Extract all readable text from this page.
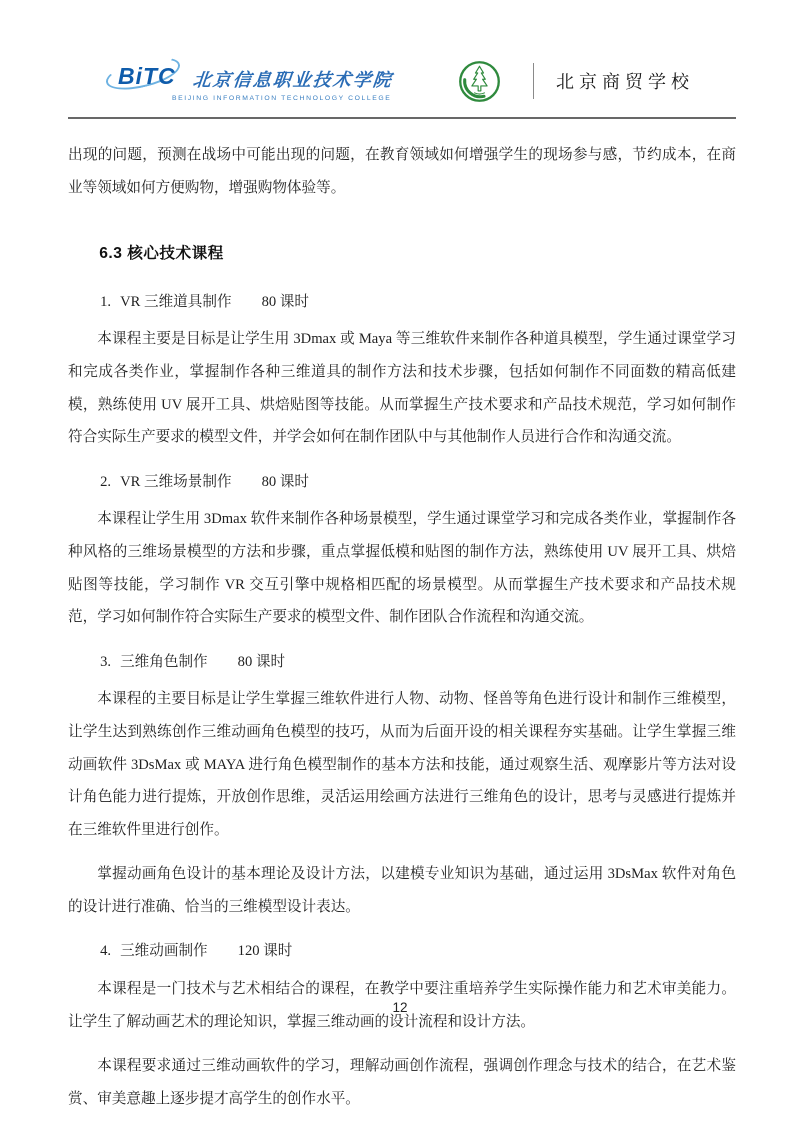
BiTC 北京信息职业技术学院
BEIJING INFORMATION TECHNOLOGY COLLEGE
北京商贸学校

出现的问题，预测在战场中可能出现的问题，在教育领域如何增强学生的现场参与感，节约成本，在商业等领域如何方便购物，增强购物体验等。

6.3 核心技术课程

1. VR 三维道具制作 80 课时

本课程主要是目标是让学生用 3Dmax 或 Maya 等三维软件来制作各种道具模型，学生通过课堂学习和完成各类作业，掌握制作各种三维道具的制作方法和技术步骤，包括如何制作不同面数的精高低建模，熟练使用 UV 展开工具、烘焙贴图等技能。从而掌握生产技术要求和产品技术规范，学习如何制作符合实际生产要求的模型文件，并学会如何在制作团队中与其他制作人员进行合作和沟通交流。

2. VR 三维场景制作 80 课时

本课程让学生用 3Dmax 软件来制作各种场景模型，学生通过课堂学习和完成各类作业，掌握制作各种风格的三维场景模型的方法和步骤，重点掌握低模和贴图的制作方法，熟练使用 UV 展开工具、烘焙贴图等技能，学习制作 VR 交互引擎中规格相匹配的场景模型。从而掌握生产技术要求和产品技术规范，学习如何制作符合实际生产要求的模型文件、制作团队合作流程和沟通交流。

3. 三维角色制作 80 课时

本课程的主要目标是让学生掌握三维软件进行人物、动物、怪兽等角色进行设计和制作三维模型，让学生达到熟练创作三维动画角色模型的技巧，从而为后面开设的相关课程夯实基础。让学生掌握三维动画软件 3DsMax 或 MAYA 进行角色模型制作的基本方法和技能，通过观察生活、观摩影片等方法对设计角色能力进行提炼，开放创作思维，灵活运用绘画方法进行三维角色的设计，思考与灵感进行提炼并在三维软件里进行创作。

掌握动画角色设计的基本理论及设计方法，以建模专业知识为基础，通过运用 3DsMax 软件对角色的设计进行准确、恰当的三维模型设计表达。

4. 三维动画制作 120 课时

本课程是一门技术与艺术相结合的课程，在教学中要注重培养学生实际操作能力和艺术审美能力。让学生了解动画艺术的理论知识，掌握三维动画的设计流程和设计方法。

本课程要求通过三维动画软件的学习，理解动画创作流程，强调创作理念与技术的结合，在艺术鉴赏、审美意趣上逐步提才高学生的创作水平。

12
